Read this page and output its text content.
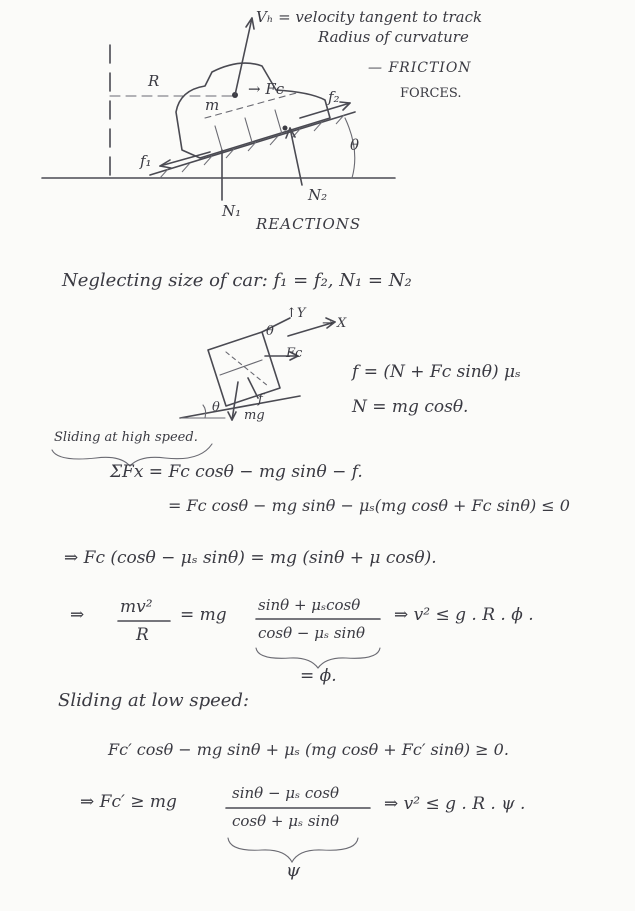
Vₕ = velocity tangent to track
Radius of curvature
— FRICTION
FORCES.
REACTIONS
R
m
→ Fc
f₁
f₂
θ
N₁
N₂
Neglecting size of car: f₁ = f₂, N₁ = N₂
θ
↑Y
→ X
Fc
f
mg
θ
f = (N + Fc sinθ) μₛ
N = mg cosθ.
Sliding at high speed.
ΣFx = Fc cosθ − mg sinθ − f.
= Fc cosθ − mg sinθ − μₛ(mg cosθ + Fc sinθ) ≤ 0
⇒ Fc (cosθ − μₛ sinθ) = mg (sinθ + μ cosθ).
⇒ mv²
R
= mg sinθ + μₛcosθ
cosθ − μₛ sinθ
⇒ v² ≤ g . R . ϕ .
= ϕ.
Sliding at low speed:
Fc′ cosθ − mg sinθ + μₛ (mg cosθ + Fc′ sinθ) ≥ 0.
⇒ Fc′ ≥ mg	sinθ − μₛ cosθ
cosθ + μₛ sinθ
⇒ v² ≤ g . R . ψ .
ψ
